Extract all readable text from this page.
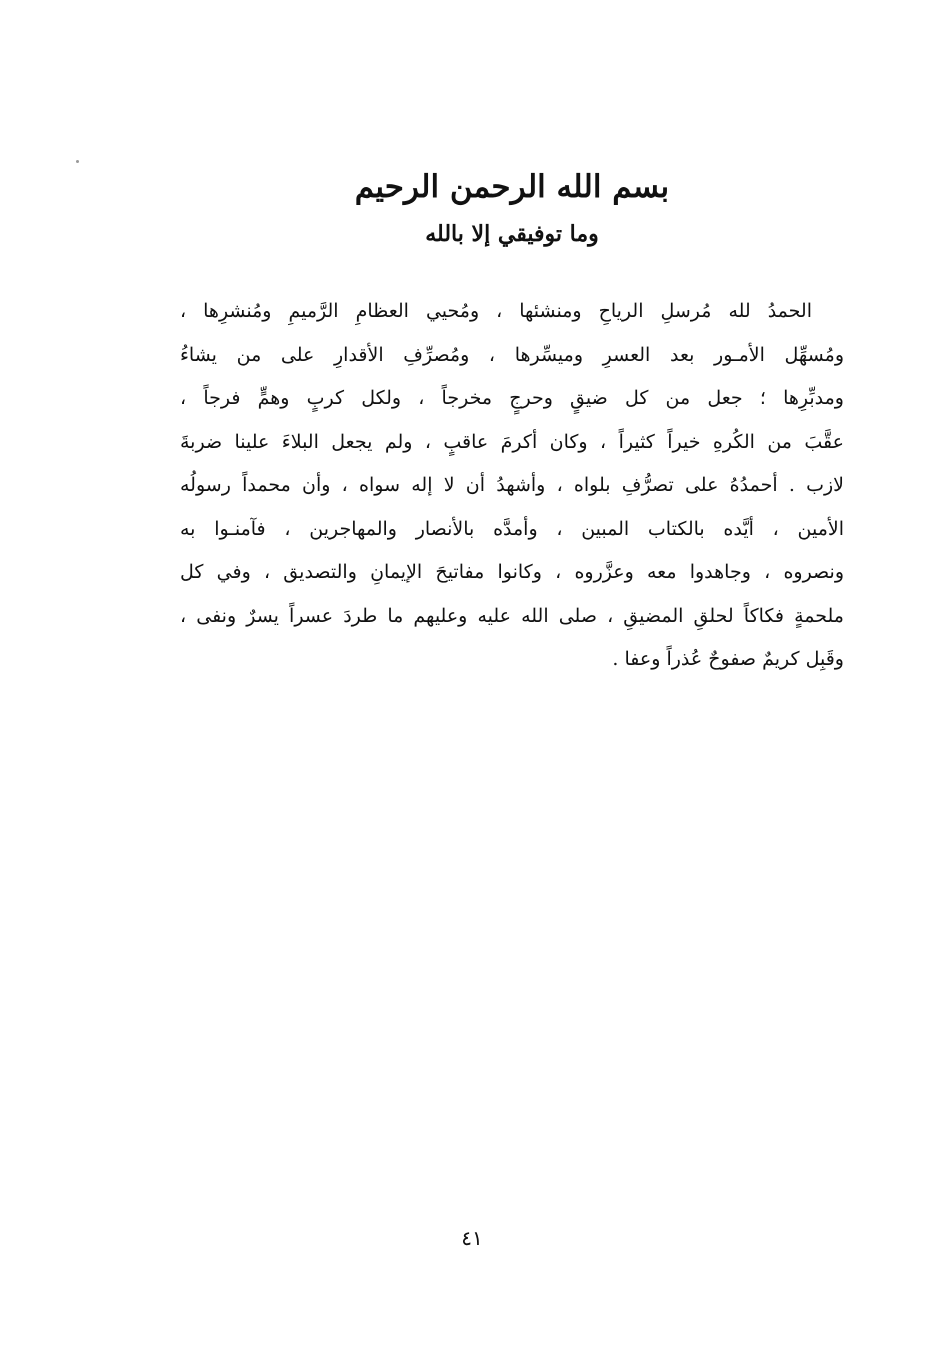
بسم الله الرحمن الرحيم
وما توفيقي إلا بالله
الحمدُ لله مُرسلِ الرياحِ ومنشئها ، ومُحيي العظامِ الرَّميمِ ومُنشرِها ،
ومُسهِّل الأمـور بعد العسرِ وميسِّرها ، ومُصرِّفِ الأقدارِ على من يشاءُ
ومدبِّرِها ؛ جعل من كل ضيقٍ وحرجٍ مخرجاً ، ولكل كربٍ وهمٍّ فرجاً ،
عقَّبَ من الكُرهِ خيراً كثيراً ، وكان أكرمَ عاقبٍ ، ولم يجعل البلاءَ علينا ضربةَ
لازب . أحمدُهُ على تصرُّفِ بلواه ، وأشهدُ أن لا إله سواه ، وأن محمداً رسولُه
الأمين ، أيَّده بالكتاب المبين ، وأمدَّه بالأنصار والمهاجرين ، فآمنـوا به
ونصروه ، وجاهدوا معه وعزَّروه ، وكانوا مفاتيحَ الإيمانِ والتصديق ، وفي كل
ملحمةٍ فكاكاً لحلقِ المضيقِ ، صلى الله عليه وعليهم ما طردَ عسراً يسرٌ ونفى ،
وقَبِل كريمٌ صفوحٌ عُذراً وعفا .
٤١
